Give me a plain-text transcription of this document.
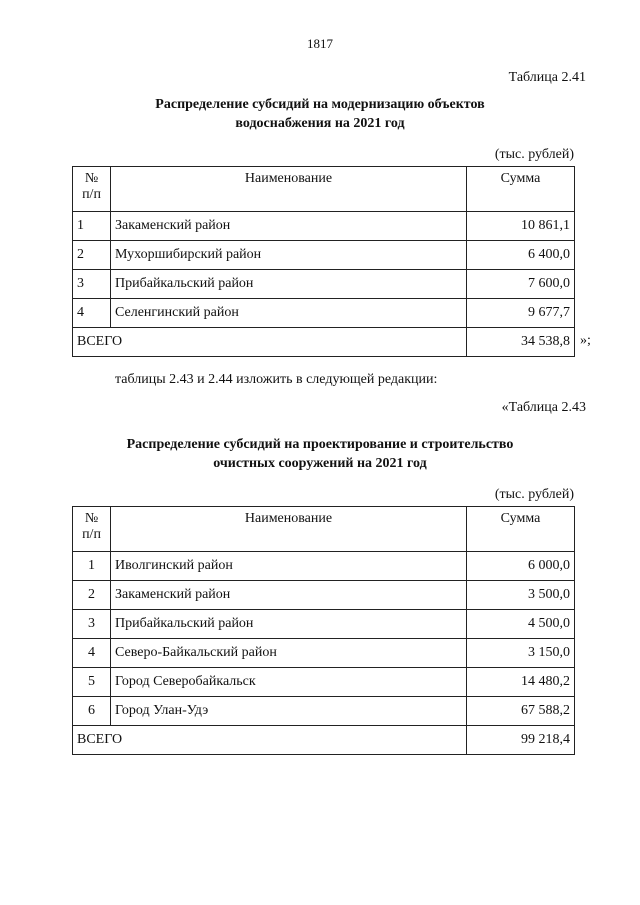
1817
Таблица 2.41
Распределение субсидий на модернизацию объектов
водоснабжения на 2021 год
(тыс. рублей)
№
п/п	Наименование	Сумма
1	Закаменский район	10 861,1
2	Мухоршибирский район	6 400,0
3	Прибайкальский район	7 600,0
4	Селенгинский район	9 677,7
ВСЕГО		34 538,8 »;
таблицы 2.43 и 2.44 изложить в следующей редакции:
«Таблица 2.43
Распределение субсидий на проектирование и строительство
очистных сооружений на 2021 год
(тыс. рублей)
№
п/п	Наименование	Сумма
1	Иволгинский район	6 000,0
2	Закаменский район	3 500,0
3	Прибайкальский район	4 500,0
4	Северо-Байкальский район	3 150,0
5	Город Северобайкальск	14 480,2
6	Город Улан-Удэ	67 588,2
ВСЕГО		99 218,4
